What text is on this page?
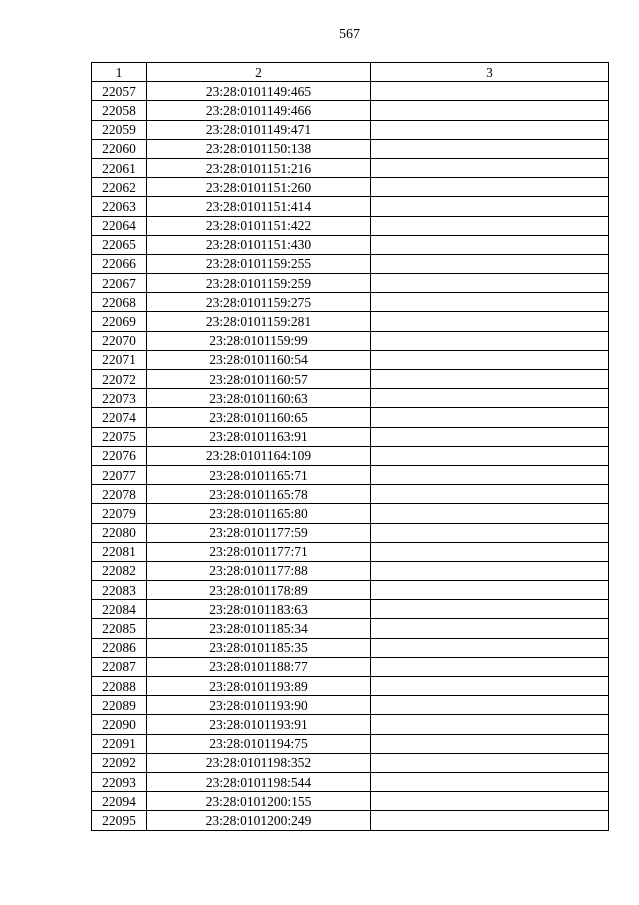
567
1	2	3
22057	23:28:0101149:465	
22058	23:28:0101149:466	
22059	23:28:0101149:471	
22060	23:28:0101150:138	
22061	23:28:0101151:216	
22062	23:28:0101151:260	
22063	23:28:0101151:414	
22064	23:28:0101151:422	
22065	23:28:0101151:430	
22066	23:28:0101159:255	
22067	23:28:0101159:259	
22068	23:28:0101159:275	
22069	23:28:0101159:281	
22070	23:28:0101159:99	
22071	23:28:0101160:54	
22072	23:28:0101160:57	
22073	23:28:0101160:63	
22074	23:28:0101160:65	
22075	23:28:0101163:91	
22076	23:28:0101164:109	
22077	23:28:0101165:71	
22078	23:28:0101165:78	
22079	23:28:0101165:80	
22080	23:28:0101177:59	
22081	23:28:0101177:71	
22082	23:28:0101177:88	
22083	23:28:0101178:89	
22084	23:28:0101183:63	
22085	23:28:0101185:34	
22086	23:28:0101185:35	
22087	23:28:0101188:77	
22088	23:28:0101193:89	
22089	23:28:0101193:90	
22090	23:28:0101193:91	
22091	23:28:0101194:75	
22092	23:28:0101198:352	
22093	23:28:0101198:544	
22094	23:28:0101200:155	
22095	23:28:0101200:249	
